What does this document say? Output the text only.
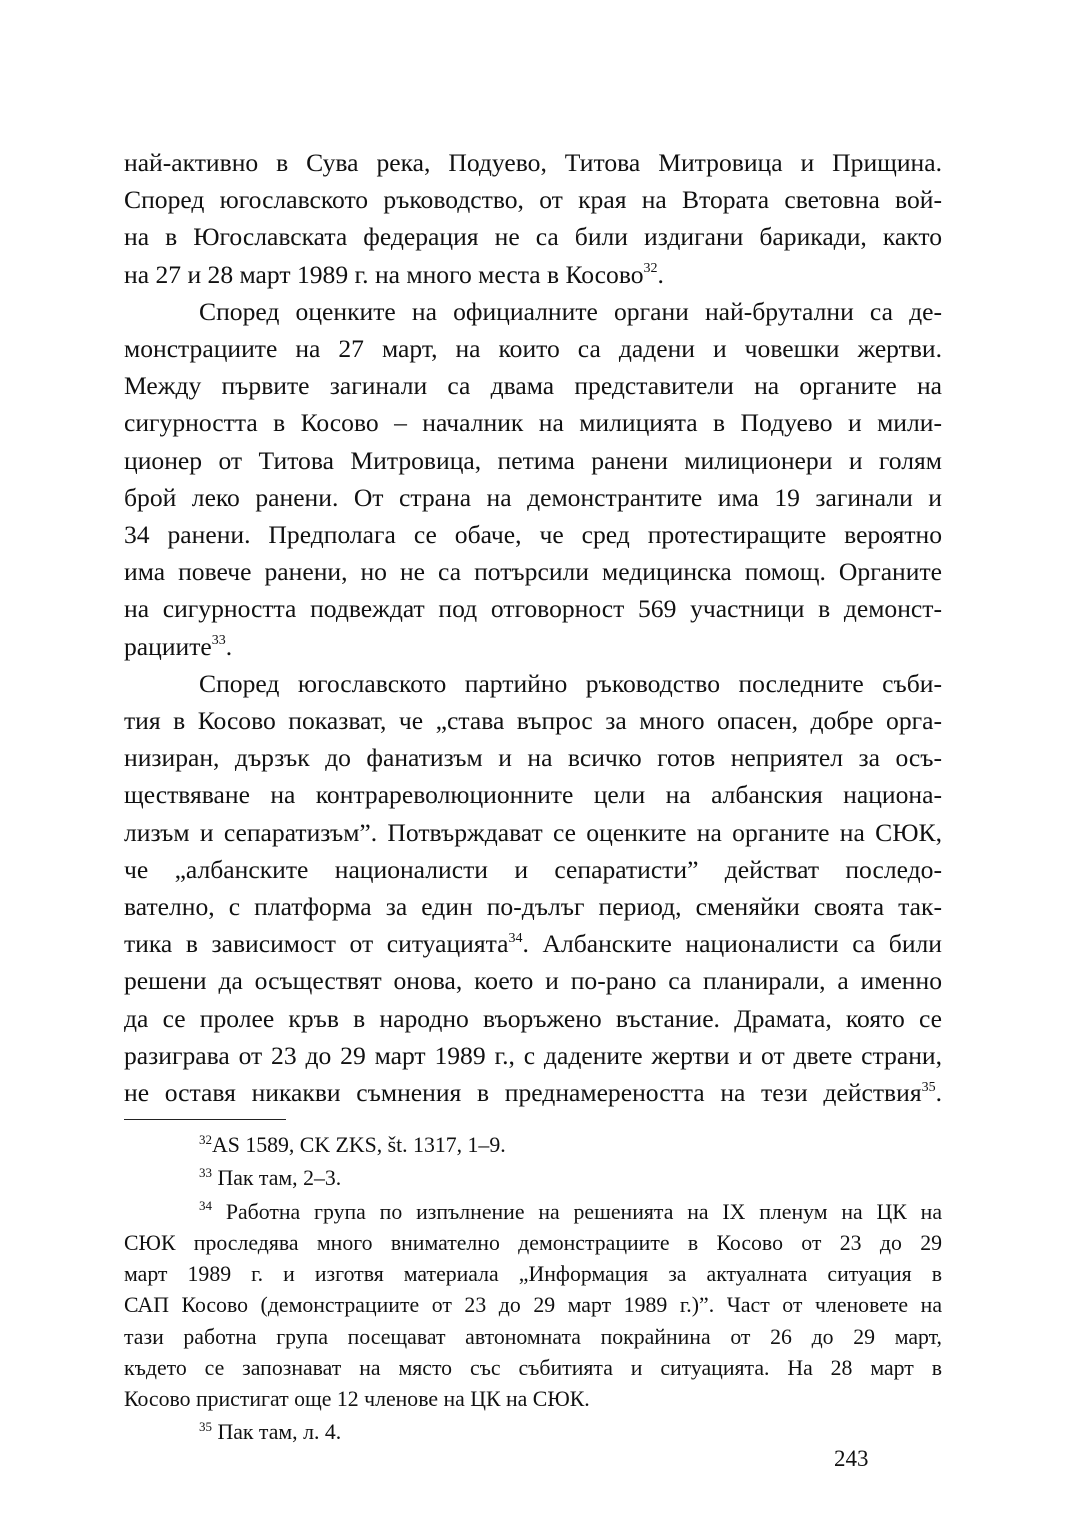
най-активно в Сува река, Подуево, Титова Митровица и Прищина.
Според югославското ръководство, от края на Втората световна вой-
на в Югославската федерация не са били издигани барикади, както
на 27 и 28 март 1989 г. на много места в Косово$^{32}$.
Според оценките на официалните органи най-брутални са де-
монстрациите на 27 март, на които са дадени и човешки жертви.
Между първите загинали са двама представители на органите на
сигурността в Косово – началник на милицията в Подуево и мили-
ционер от Титова Митровица, петима ранени милиционери и голям
брой леко ранени. От страна на демонстрантите има 19 загинали и
34 ранени. Предполага се обаче, че сред протестиращите вероятно
има повече ранени, но не са потърсили медицинска помощ. Органите
на сигурността подвеждат под отговорност 569 участници в демонст-
рациите$^{33}$.
Според югославското партийно ръководство последните съби-
тия в Косово показват, че „става въпрос за много опасен, добре орга-
низиран, дързък до фанатизъм и на всичко готов неприятел за осъ-
ществяване на контрареволюционните цели на албанския национа-
лизъм и сепаратизъм”. Потвърждават се оценките на органите на СЮК,
че „албанските националисти и сепаратисти” действат последо-
вателно, с платформа за един по-дълъг период, сменяйки своята так-
тика в зависимост от ситуацията$^{34}$. Албанските националисти са били
решени да осъществят онова, което и по-рано са планирали, а именно
да се пролее кръв в народно въоръжено въстание. Драмата, която се
разиграва от 23 до 29 март 1989 г., с дадените жертви и от двете страни,
не оставя никакви съмнения в преднамереността на тези действия$^{35}$.
$^{32}$AS 1589, CK ZKS, št. 1317, 1–9.
$^{33}$ Пак там, 2–3.
$^{34}$ Работна група по изпълнение на решенията на IX пленум на ЦК на
СЮК проследява много внимателно демонстрациите в Косово от 23 до 29
март 1989 г. и изготвя материала „Информация за актуалната ситуация в
САП Косово (демонстрациите от 23 до 29 март 1989 г.)”. Част от членовете на
тази работна група посещават автономната покрайнина от 26 до 29 март,
където се запознават на място със събитията и ситуацията. На 28 март в
Косово пристигат още 12 членове на ЦК на СЮК.
$^{35}$ Пак там, л. 4.
243
